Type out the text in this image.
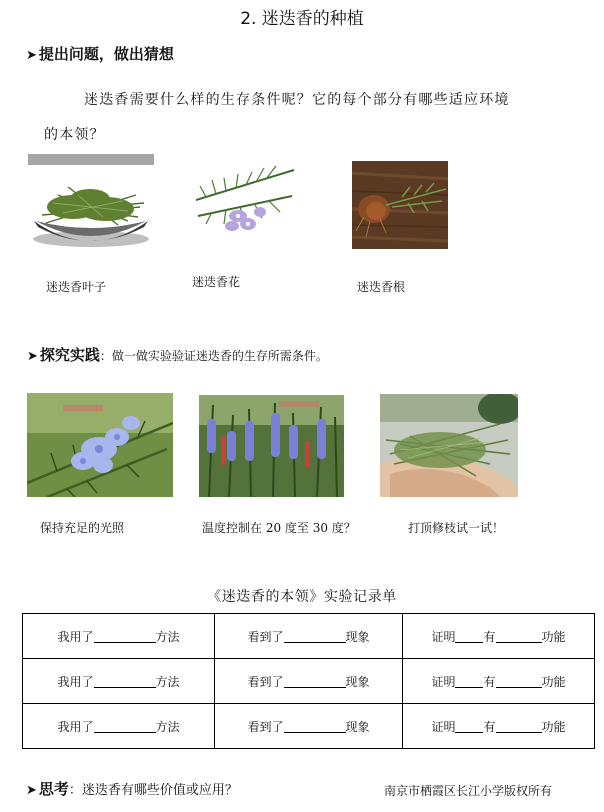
2. 迷迭香的种植
➤ 提出问题，做出猜想
迷迭香需要什么样的生存条件呢？它的每个部分有哪些适应环境
的本领？
迷迭香叶子	迷迭香花	迷迭香根
➤ 探究实践：做一做实验验证迷迭香的生存所需条件。
保持充足的光照	温度控制在 20 度至 30 度？	打顶修枝试一试！
《迷迭香的本领》实验记录单
我用了 方法	看到了 现象	证明 有 功能
我用了 方法	看到了 现象	证明 有 功能
我用了 方法	看到了 现象	证明 有 功能
➤ 思考：迷迭香有哪些价值或应用？	南京市栖霞区长江小学版权所有
